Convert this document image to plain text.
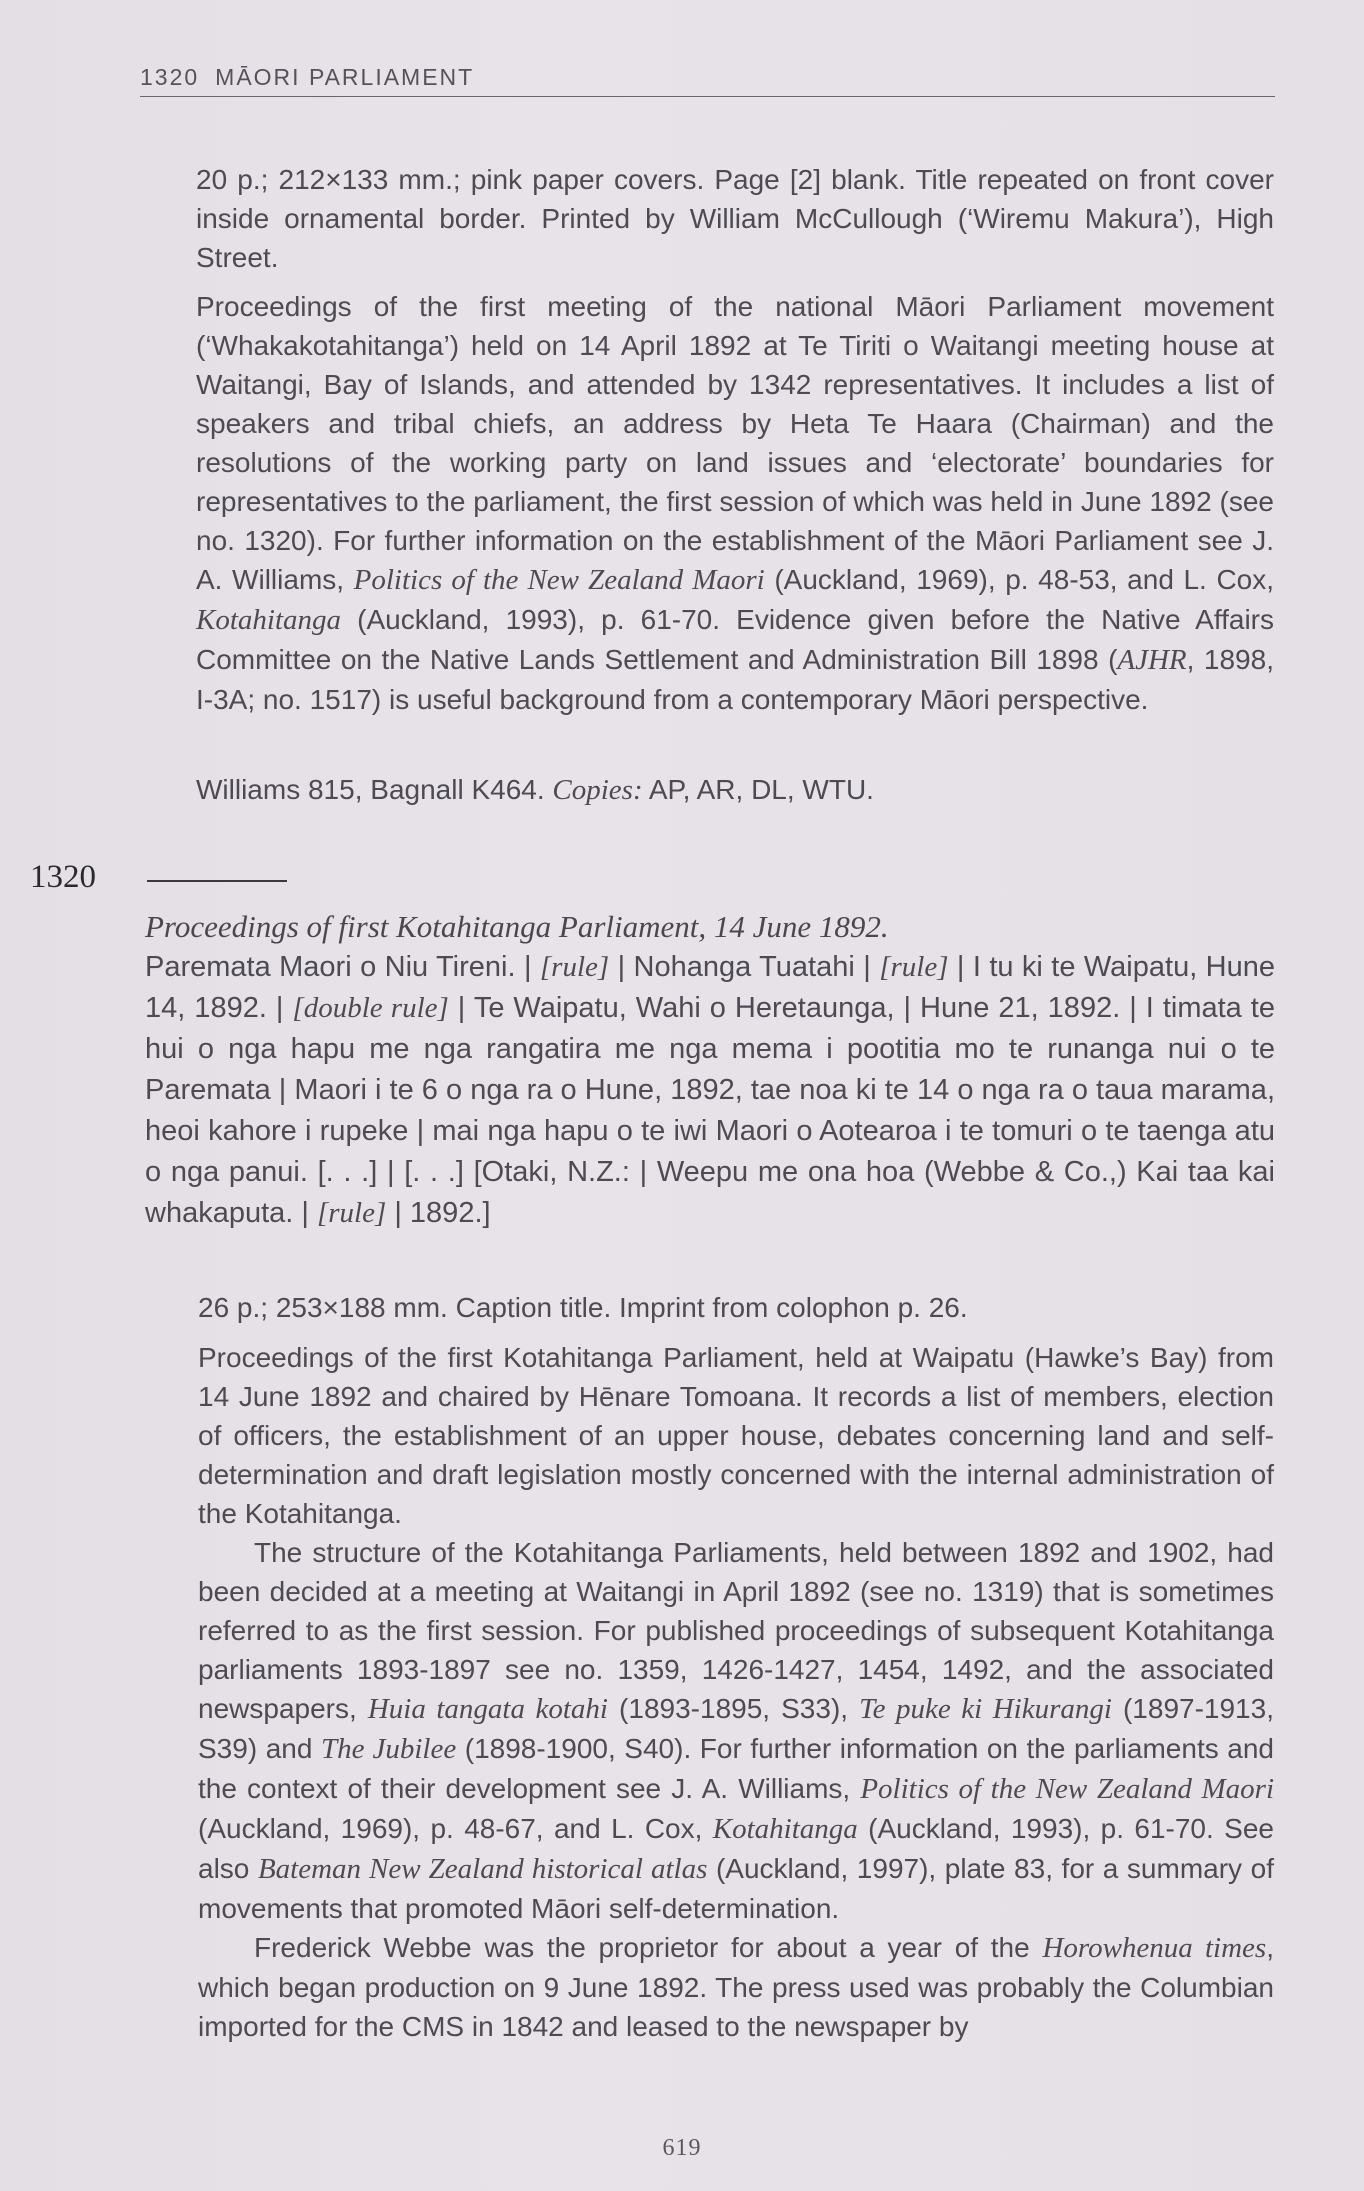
1320 MĀORI PARLIAMENT

20 p.; 212×133 mm.; pink paper covers. Page [2] blank. Title repeated on front cover inside ornamental border. Printed by William McCullough (‘Wiremu Makura’), High Street.

Proceedings of the first meeting of the national Māori Parliament movement (‘Whakakotahitanga’) held on 14 April 1892 at Te Tiriti o Waitangi meeting house at Waitangi, Bay of Islands, and attended by 1342 representatives. It includes a list of speakers and tribal chiefs, an address by Heta Te Haara (Chairman) and the resolutions of the working party on land issues and ‘electorate’ boundaries for representatives to the parliament, the first session of which was held in June 1892 (see no. 1320). For further information on the establishment of the Māori Parliament see J. A. Williams, Politics of the New Zealand Maori (Auckland, 1969), p. 48-53, and L. Cox, Kotahitanga (Auckland, 1993), p. 61-70. Evidence given before the Native Affairs Committee on the Native Lands Settlement and Administration Bill 1898 (AJHR, 1898, I-3A; no. 1517) is useful background from a contemporary Māori perspective.

Williams 815, Bagnall K464. Copies: AP, AR, DL, WTU.

1320
Proceedings of first Kotahitanga Parliament, 14 June 1892.

Paremata Maori o Niu Tireni. | [rule] | Nohanga Tuatahi | [rule] | I tu ki te Waipatu, Hune 14, 1892. | [double rule] | Te Waipatu, Wahi o Heretaunga, | Hune 21, 1892. | I timata te hui o nga hapu me nga rangatira me nga mema i pootitia mo te runanga nui o te Paremata | Maori i te 6 o nga ra o Hune, 1892, tae noa ki te 14 o nga ra o taua marama, heoi kahore i rupeke | mai nga hapu o te iwi Maori o Aotearoa i te tomuri o te taenga atu o nga panui. [. . .] | [. . .] [Otaki, N.Z.: | Weepu me ona hoa (Webbe & Co.,) Kai taa kai whakaputa. | [rule] | 1892.]

26 p.; 253×188 mm. Caption title. Imprint from colophon p. 26.

Proceedings of the first Kotahitanga Parliament, held at Waipatu (Hawke’s Bay) from 14 June 1892 and chaired by Hēnare Tomoana. It records a list of members, election of officers, the establishment of an upper house, debates concerning land and self-determination and draft legislation mostly concerned with the internal administration of the Kotahitanga.

The structure of the Kotahitanga Parliaments, held between 1892 and 1902, had been decided at a meeting at Waitangi in April 1892 (see no. 1319) that is sometimes referred to as the first session. For published proceedings of subsequent Kotahitanga parliaments 1893-1897 see no. 1359, 1426-1427, 1454, 1492, and the associated newspapers, Huia tangata kotahi (1893-1895, S33), Te puke ki Hikurangi (1897-1913, S39) and The Jubilee (1898-1900, S40). For further information on the parliaments and the context of their development see J. A. Williams, Politics of the New Zealand Maori (Auckland, 1969), p. 48-67, and L. Cox, Kotahitanga (Auckland, 1993), p. 61-70. See also Bateman New Zealand historical atlas (Auckland, 1997), plate 83, for a summary of movements that promoted Māori self-determination.

Frederick Webbe was the proprietor for about a year of the Horowhenua times, which began production on 9 June 1892. The press used was probably the Columbian imported for the CMS in 1842 and leased to the newspaper by

619
